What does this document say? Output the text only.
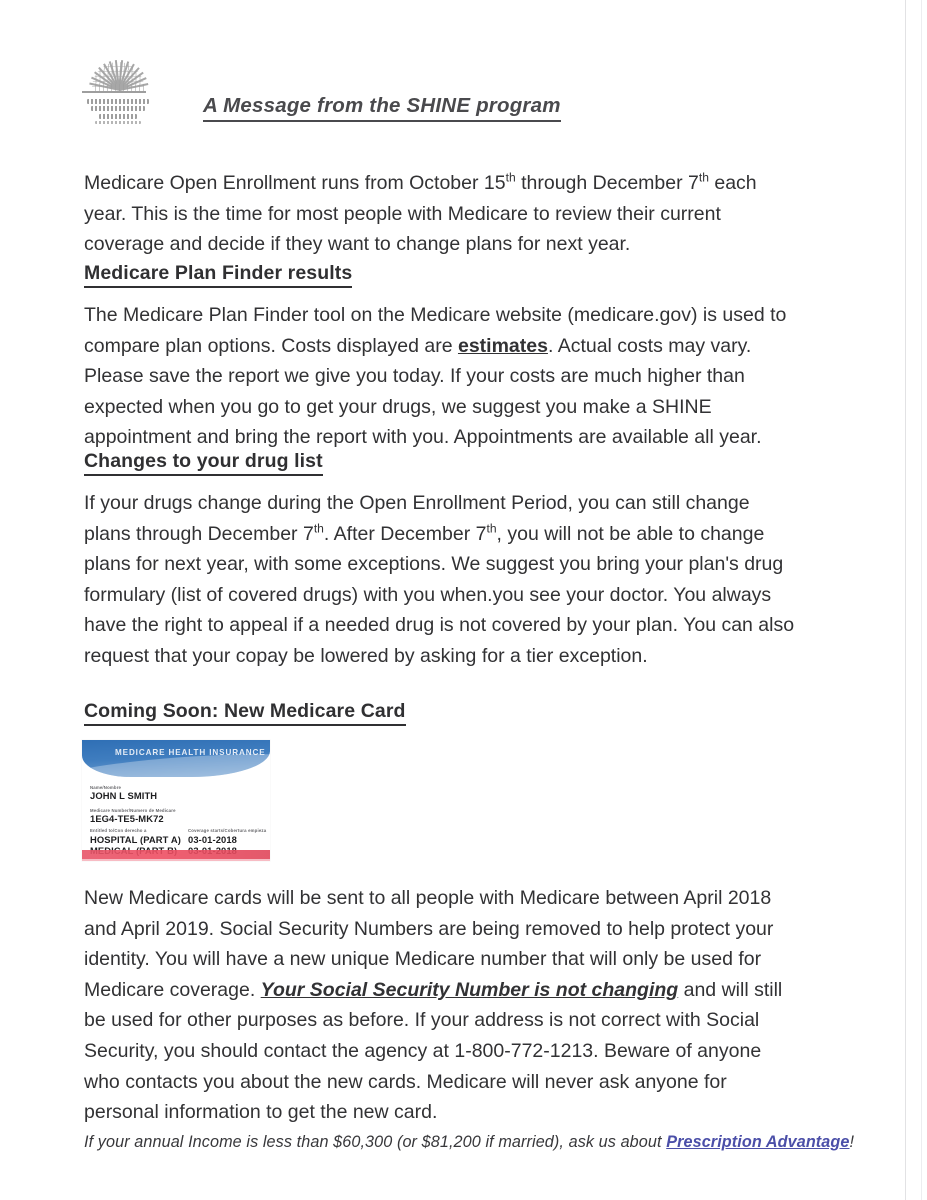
A Message from the SHINE program

Medicare Open Enrollment runs from October 15th through December 7th each year. This is the time for most people with Medicare to review their current coverage and decide if they want to change plans for next year.

Medicare Plan Finder results

The Medicare Plan Finder tool on the Medicare website (medicare.gov) is used to compare plan options. Costs displayed are estimates. Actual costs may vary. Please save the report we give you today. If your costs are much higher than expected when you go to get your drugs, we suggest you make a SHINE appointment and bring the report with you. Appointments are available all year.

Changes to your drug list

If your drugs change during the Open Enrollment Period, you can still change plans through December 7th. After December 7th, you will not be able to change plans for next year, with some exceptions. We suggest you bring your plan's drug formulary (list of covered drugs) with you when.you see your doctor. You always have the right to appeal if a needed drug is not covered by your plan. You can also request that your copay be lowered by asking for a tier exception.

Coming Soon: New Medicare Card
MEDICARE HEALTH INSURANCE
Name/Nombre
JOHN L SMITH
Medicare Number/Numero de Medicare
1EG4-TE5-MK72
Entitled to/Con derecho a
HOSPITAL (PART A)
Coverage starts/Cobertura empieza
03-01-2018

New Medicare cards will be sent to all people with Medicare between April 2018 and April 2019. Social Security Numbers are being removed to help protect your identity. You will have a new unique Medicare number that will only be used for Medicare coverage. Your Social Security Number is not changing and will still be used for other purposes as before. If your address is not correct with Social Security, you should contact the agency at 1-800-772-1213. Beware of anyone who contacts you about the new cards. Medicare will never ask anyone for personal information to get the new card.

If your annual Income is less than $60,300 (or $81,200 if married), ask us about Prescription Advantage!
